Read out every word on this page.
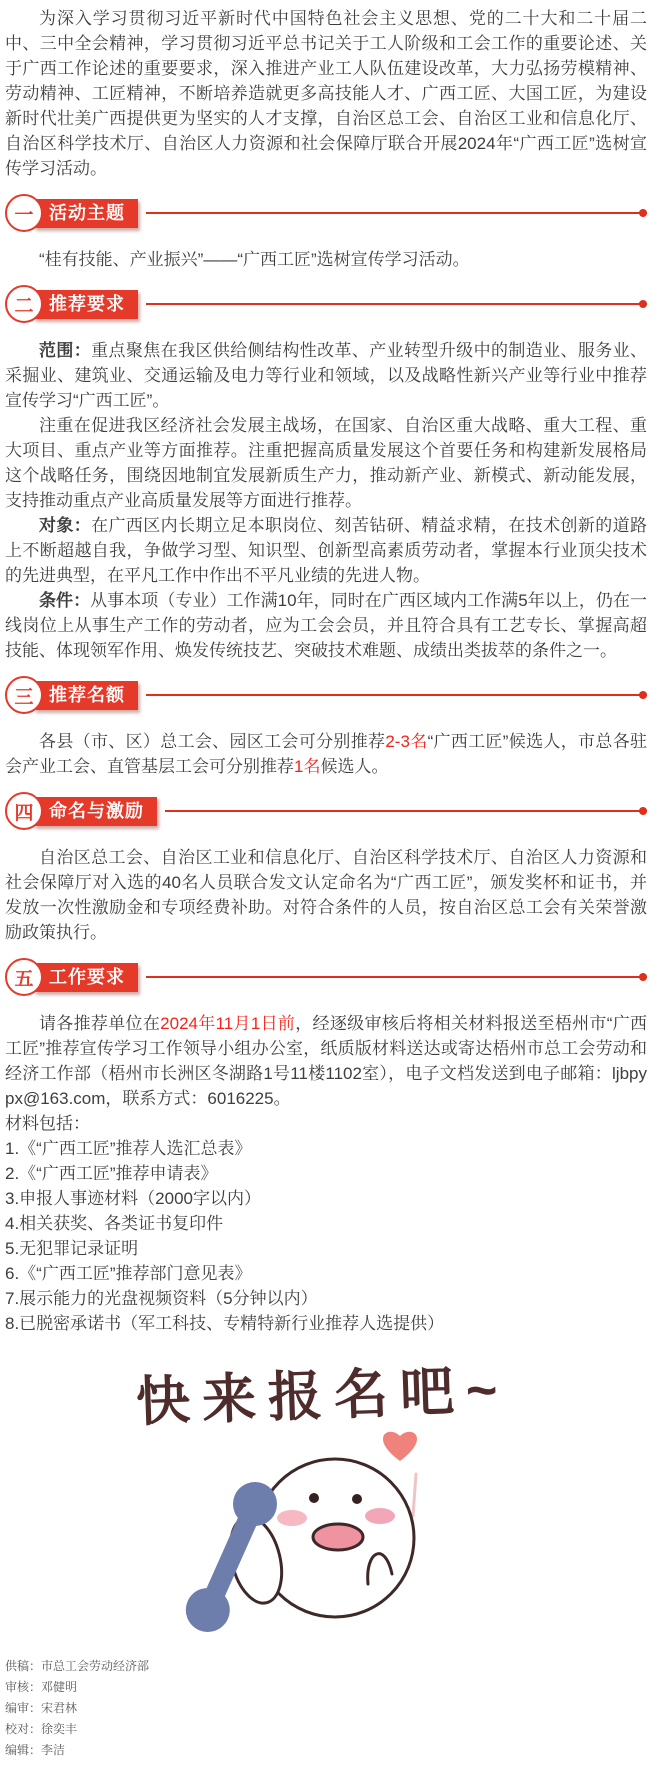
为深入学习贯彻习近平新时代中国特色社会主义思想、党的二十大和二十届二中、三中全会精神，学习贯彻习近平总书记关于工人阶级和工会工作的重要论述、关于广西工作论述的重要要求，深入推进产业工人队伍建设改革，大力弘扬劳模精神、劳动精神、工匠精神，不断培养造就更多高技能人才、广西工匠、大国工匠，为建设新时代壮美广西提供更为坚实的人才支撑，自治区总工会、自治区工业和信息化厅、自治区科学技术厅、自治区人力资源和社会保障厅联合开展2024年“广西工匠”选树宣传学习活动。

一 活动主题

“桂有技能、产业振兴”——“广西工匠”选树宣传学习活动。

二 推荐要求

范围：重点聚焦在我区供给侧结构性改革、产业转型升级中的制造业、服务业、采掘业、建筑业、交通运输及电力等行业和领域，以及战略性新兴产业等行业中推荐宣传学习“广西工匠”。

注重在促进我区经济社会发展主战场，在国家、自治区重大战略、重大工程、重大项目、重点产业等方面推荐。注重把握高质量发展这个首要任务和构建新发展格局这个战略任务，围绕因地制宜发展新质生产力，推动新产业、新模式、新动能发展，支持推动重点产业高质量发展等方面进行推荐。

对象：在广西区内长期立足本职岗位、刻苦钻研、精益求精，在技术创新的道路上不断超越自我，争做学习型、知识型、创新型高素质劳动者，掌握本行业顶尖技术的先进典型，在平凡工作中作出不平凡业绩的先进人物。

条件：从事本项（专业）工作满10年，同时在广西区域内工作满5年以上，仍在一线岗位上从事生产工作的劳动者，应为工会会员，并且符合具有工艺专长、掌握高超技能、体现领军作用、焕发传统技艺、突破技术难题、成绩出类拔萃的条件之一。

三 推荐名额

各县（市、区）总工会、园区工会可分别推荐2-3名“广西工匠”候选人，市总各驻会产业工会、直管基层工会可分别推荐1名候选人。

四 命名与激励

自治区总工会、自治区工业和信息化厅、自治区科学技术厅、自治区人力资源和社会保障厅对入选的40名人员联合发文认定命名为“广西工匠”，颁发奖杯和证书，并发放一次性激励金和专项经费补助。对符合条件的人员，按自治区总工会有关荣誉激励政策执行。

五 工作要求

请各推荐单位在2024年11月1日前，经逐级审核后将相关材料报送至梧州市“广西工匠”推荐宣传学习工作领导小组办公室，纸质版材料送达或寄达梧州市总工会劳动和经济工作部（梧州市长洲区冬湖路1号11楼1102室），电子文档发送到电子邮箱：ljbpypx@163.com，联系方式：6016225。

材料包括：

1.《“广西工匠”推荐人选汇总表》

2.《“广西工匠”推荐申请表》

3.申报人事迹材料（2000字以内）

4.相关获奖、各类证书复印件

5.无犯罪记录证明

6.《“广西工匠”推荐部门意见表》

7.展示能力的光盘视频资料（5分钟以内）

8.已脱密承诺书（军工科技、专精特新行业推荐人选提供）

快来报名吧~
供稿：市总工会劳动经济部
审核：邓健明
编审：宋君林
校对：徐奕丰
编辑：李洁
